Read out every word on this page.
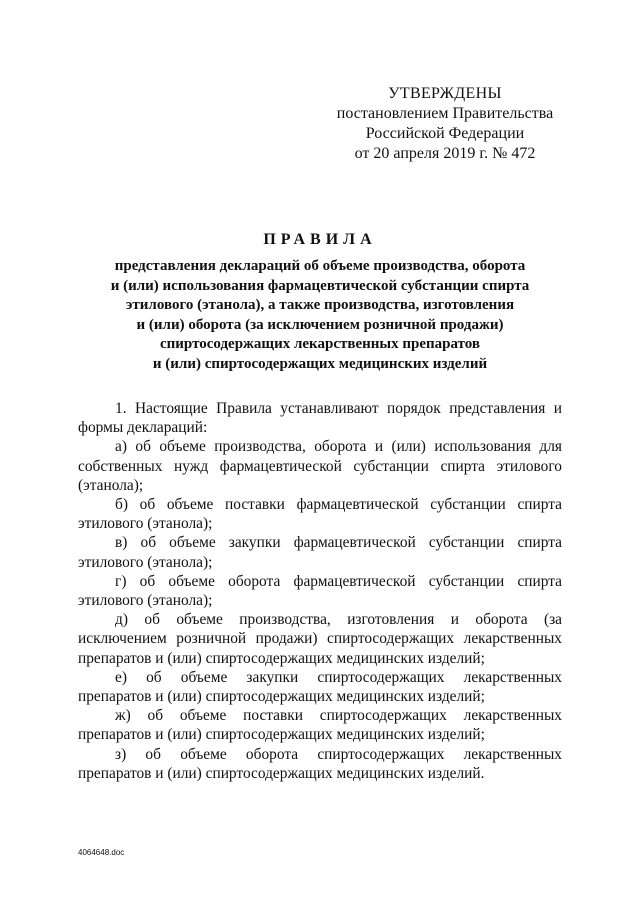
УТВЕРЖДЕНЫ
постановлением Правительства
Российской Федерации
от 20 апреля 2019 г. № 472
ПРАВИЛА
представления деклараций об объеме производства, оборота
и (или) использования фармацевтической субстанции спирта
этилового (этанола), а также производства, изготовления
и (или) оборота (за исключением розничной продажи)
спиртосодержащих лекарственных препаратов
и (или) спиртосодержащих медицинских изделий

1. Настоящие Правила устанавливают порядок представления и формы деклараций:

а) об объеме производства, оборота и (или) использования для собственных нужд фармацевтической субстанции спирта этилового (этанола);

б) об объеме поставки фармацевтической субстанции спирта этилового (этанола);

в) об объеме закупки фармацевтической субстанции спирта этилового (этанола);

г) об объеме оборота фармацевтической субстанции спирта этилового (этанола);

д) об объеме производства, изготовления и оборота (за исключением розничной продажи) спиртосодержащих лекарственных препаратов и (или) спиртосодержащих медицинских изделий;

е) об объеме закупки спиртосодержащих лекарственных препаратов и (или) спиртосодержащих медицинских изделий;

ж) об объеме поставки спиртосодержащих лекарственных препаратов и (или) спиртосодержащих медицинских изделий;

з) об объеме оборота спиртосодержащих лекарственных препаратов и (или) спиртосодержащих медицинских изделий.

4064648.doc
